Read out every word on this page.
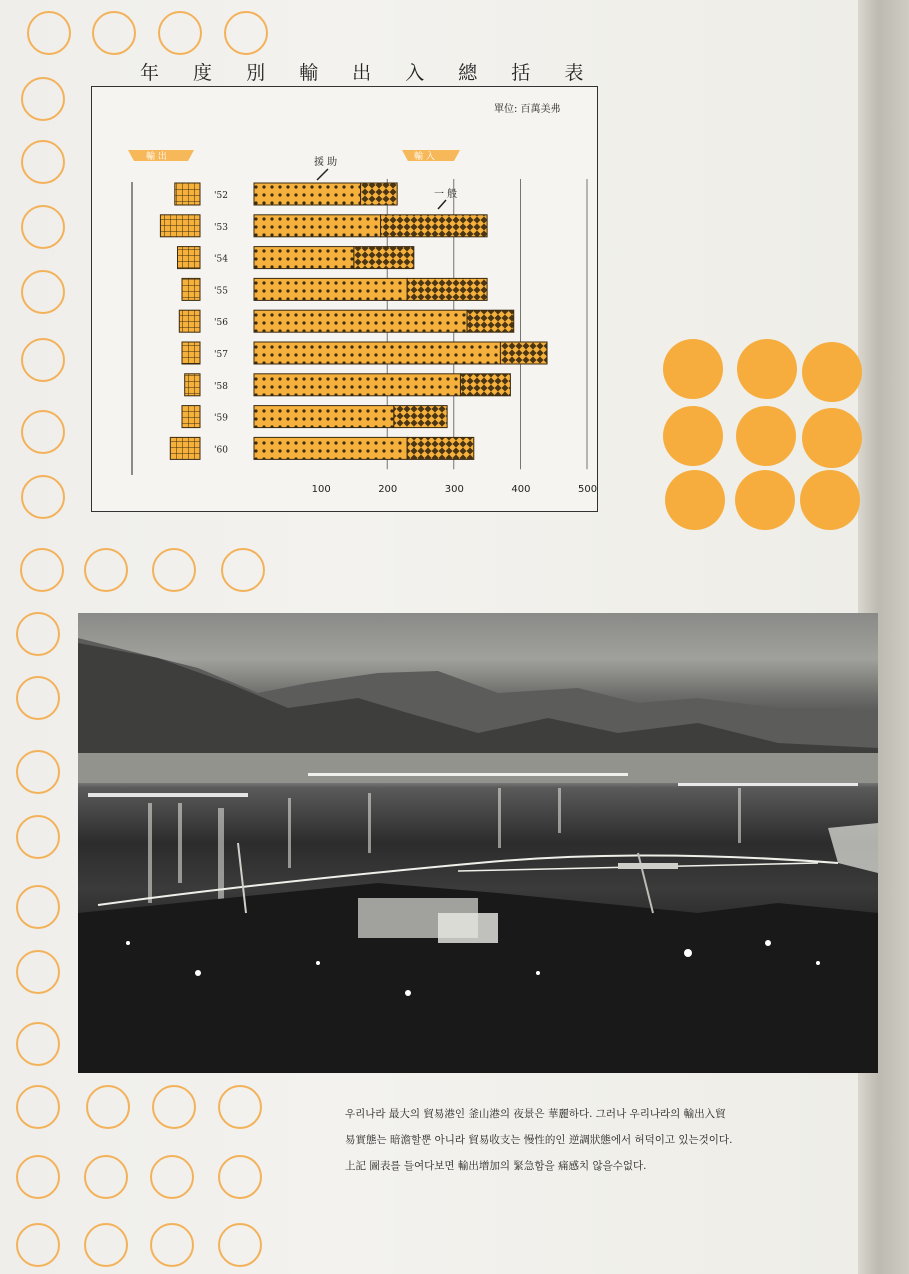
年 度 別 輸 出 入 總 括 表
單位: 百萬美弗
輸 出	輸 入
援 助
一 般
'52
'53
'54
'55
'56
'57
'58
'59
'60
100	200	300	400	500
우리나라 最大의 貿易港인 釜山港의 夜景은 華麗하다. 그러나 우리나라의 輸出入貿
易實態는 暗澹할뿐 아니라 貿易收支는 慢性的인 逆調狀態에서 허덕이고 있는것이다.
上記 圖表를 들여다보면 輸出增加의 緊急함을 痛感치 않을수없다.
